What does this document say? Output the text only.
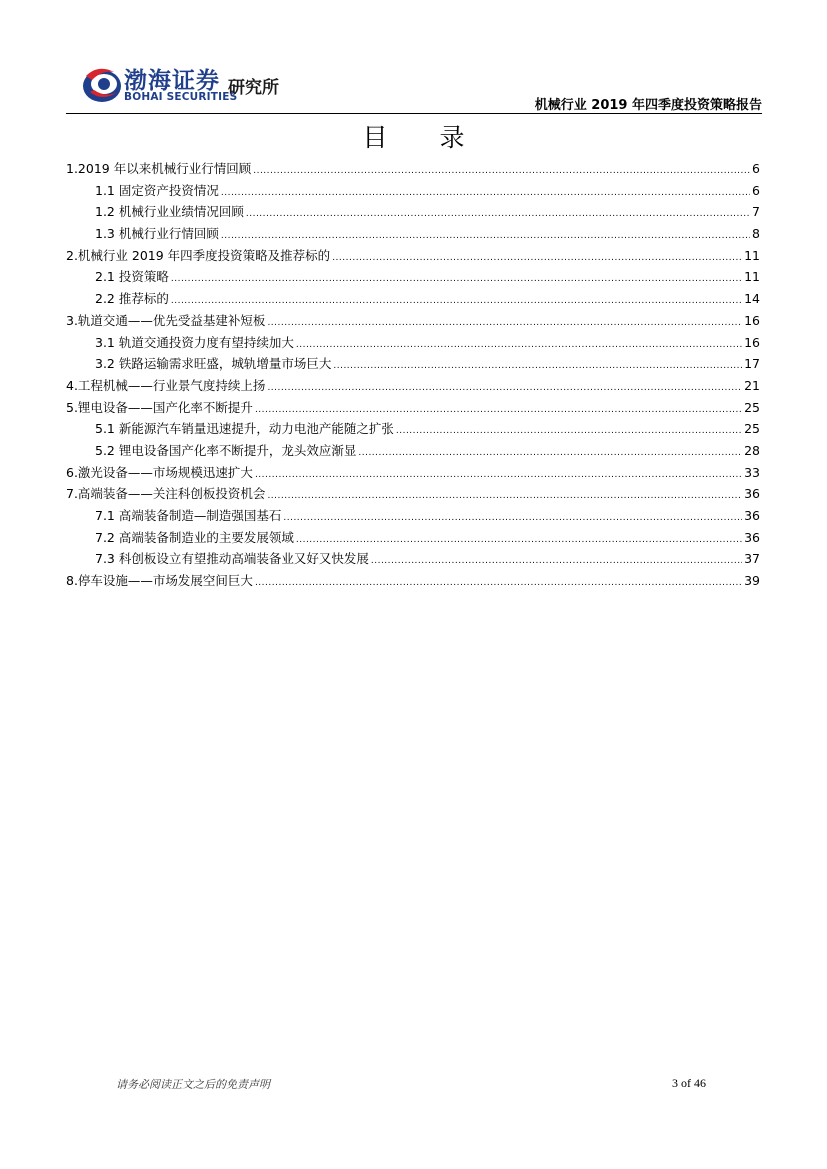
渤海证券
BOHAI SECURITIES
研究所
机械行业 2019 年四季度投资策略报告
目 录
1.2019 年以来机械行业行情回顾 .....	6
1.1 固定资产投资情况 .....	6
1.2 机械行业业绩情况回顾 .....	7
1.3 机械行业行情回顾 .....	8
2.机械行业 2019 年四季度投资策略及推荐标的 .....	11
2.1 投资策略 .....	11
2.2 推荐标的 .....	14
3.轨道交通——优先受益基建补短板 .....	16
3.1 轨道交通投资力度有望持续加大 .....	16
3.2 铁路运输需求旺盛，城轨增量市场巨大 .....	17
4.工程机械——行业景气度持续上扬 .....	21
5.锂电设备——国产化率不断提升 .....	25
5.1 新能源汽车销量迅速提升，动力电池产能随之扩张 .....	25
5.2 锂电设备国产化率不断提升，龙头效应渐显 .....	28
6.激光设备——市场规模迅速扩大 .....	33
7.高端装备——关注科创板投资机会 .....	36
7.1 高端装备制造—制造强国基石 .....	36
7.2 高端装备制造业的主要发展领域 .....	36
7.3 科创板设立有望推动高端装备业又好又快发展 .....	37
8.停车设施——市场发展空间巨大 .....	39
请务必阅读正文之后的免责声明	3 of 46
